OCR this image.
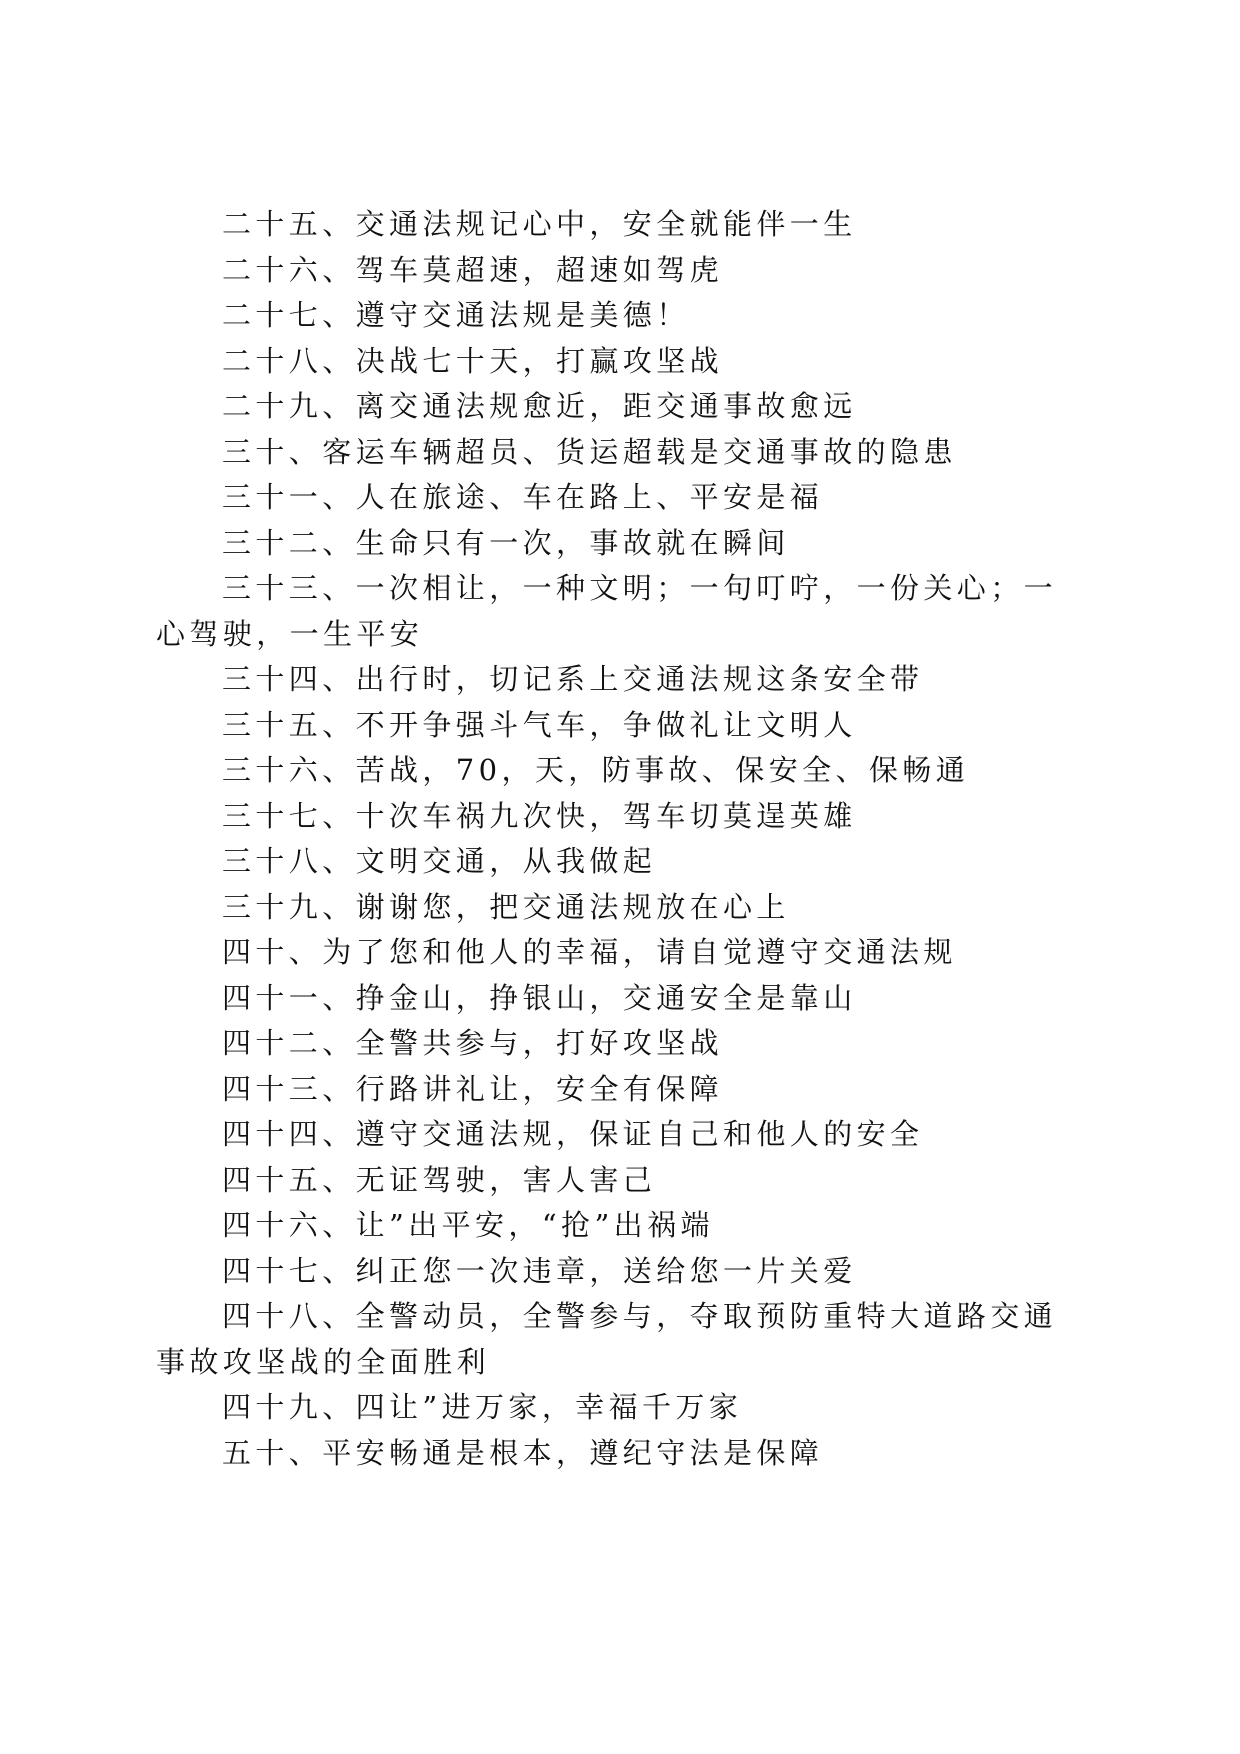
二十五、交通法规记心中，安全就能伴一生

二十六、驾车莫超速，超速如驾虎

二十七、遵守交通法规是美德！

二十八、决战七十天，打赢攻坚战

二十九、离交通法规愈近，距交通事故愈远

三十、客运车辆超员、货运超载是交通事故的隐患

三十一、人在旅途、车在路上、平安是福

三十二、生命只有一次，事故就在瞬间

三十三、一次相让，一种文明；一句叮咛，一份关心；一心驾驶，一生平安

三十四、出行时，切记系上交通法规这条安全带

三十五、不开争强斗气车，争做礼让文明人

三十六、苦战，70，天，防事故、保安全、保畅通

三十七、十次车祸九次快，驾车切莫逞英雄

三十八、文明交通，从我做起

三十九、谢谢您，把交通法规放在心上

四十、为了您和他人的幸福，请自觉遵守交通法规

四十一、挣金山，挣银山，交通安全是靠山

四十二、全警共参与，打好攻坚战

四十三、行路讲礼让，安全有保障

四十四、遵守交通法规，保证自己和他人的安全

四十五、无证驾驶，害人害己

四十六、让”出平安，“抢”出祸端

四十七、纠正您一次违章，送给您一片关爱

四十八、全警动员，全警参与，夺取预防重特大道路交通事故攻坚战的全面胜利

四十九、四让”进万家，幸福千万家

五十、平安畅通是根本，遵纪守法是保障
